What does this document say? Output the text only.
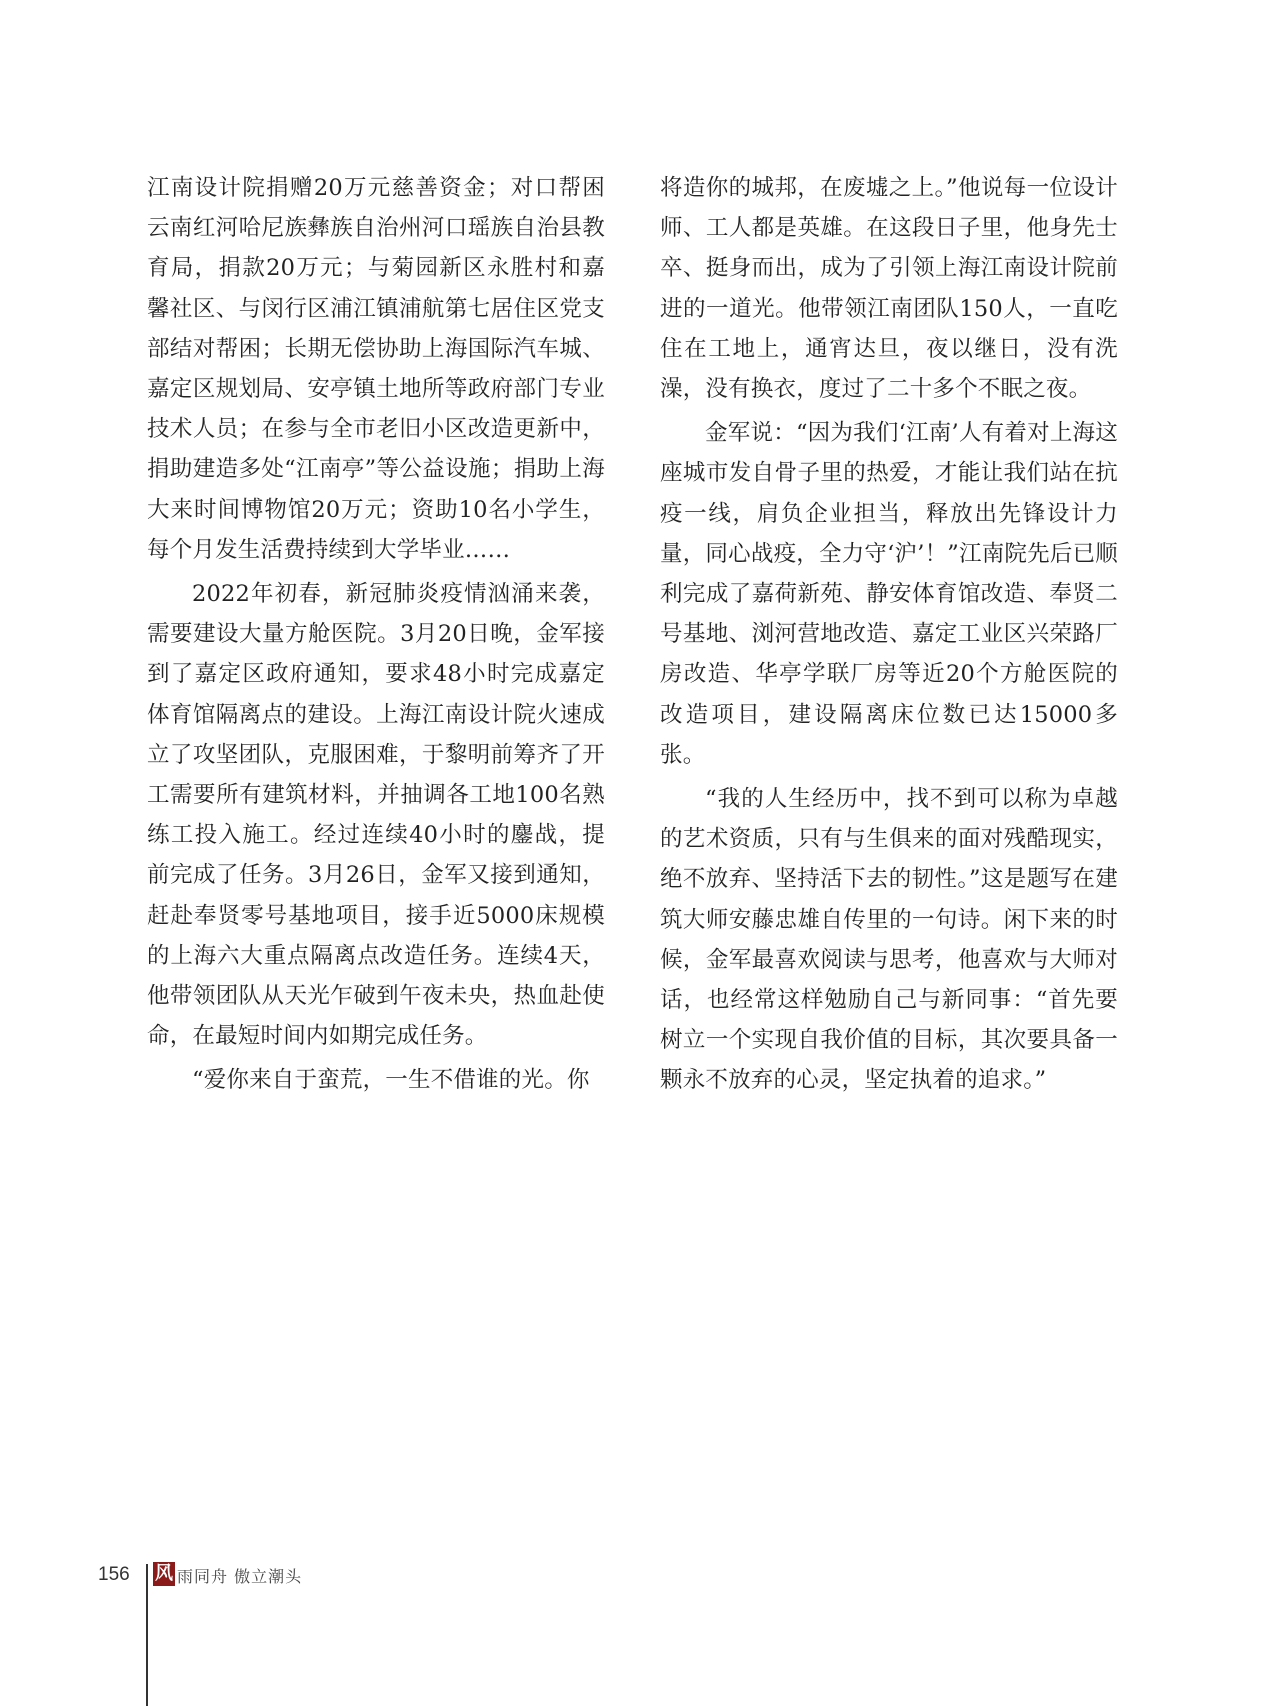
江南设计院捐赠20万元慈善资金；对口帮困云南红河哈尼族彝族自治州河口瑶族自治县教育局，捐款20万元；与菊园新区永胜村和嘉馨社区、与闵行区浦江镇浦航第七居住区党支部结对帮困；长期无偿协助上海国际汽车城、嘉定区规划局、安亭镇土地所等政府部门专业技术人员；在参与全市老旧小区改造更新中，捐助建造多处“江南亭”等公益设施；捐助上海大来时间博物馆20万元；资助10名小学生，每个月发生活费持续到大学毕业……

2022年初春，新冠肺炎疫情汹涌来袭，需要建设大量方舱医院。3月20日晚，金军接到了嘉定区政府通知，要求48小时完成嘉定体育馆隔离点的建设。上海江南设计院火速成立了攻坚团队，克服困难，于黎明前筹齐了开工需要所有建筑材料，并抽调各工地100名熟练工投入施工。经过连续40小时的鏖战，提前完成了任务。3月26日，金军又接到通知，赶赴奉贤零号基地项目，接手近5000床规模的上海六大重点隔离点改造任务。连续4天，他带领团队从天光乍破到午夜未央，热血赴使命，在最短时间内如期完成任务。

“爱你来自于蛮荒，一生不借谁的光。你

将造你的城邦，在废墟之上。”他说每一位设计师、工人都是英雄。在这段日子里，他身先士卒、挺身而出，成为了引领上海江南设计院前进的一道光。他带领江南团队150人，一直吃住在工地上，通宵达旦，夜以继日，没有洗澡，没有换衣，度过了二十多个不眠之夜。

金军说：“因为我们‘江南’人有着对上海这座城市发自骨子里的热爱，才能让我们站在抗疫一线，肩负企业担当，释放出先锋设计力量，同心战疫，全力守‘沪’！”江南院先后已顺利完成了嘉荷新苑、静安体育馆改造、奉贤二号基地、浏河营地改造、嘉定工业区兴荣路厂房改造、华亭学联厂房等近20个方舱医院的改造项目，建设隔离床位数已达15000多张。

“我的人生经历中，找不到可以称为卓越的艺术资质，只有与生俱来的面对残酷现实，绝不放弃、坚持活下去的韧性。”这是题写在建筑大师安藤忠雄自传里的一句诗。闲下来的时候，金军最喜欢阅读与思考，他喜欢与大师对话，也经常这样勉励自己与新同事：“首先要树立一个实现自我价值的目标，其次要具备一颗永不放弃的心灵，坚定执着的追求。”

156 风 雨同舟 傲立潮头
